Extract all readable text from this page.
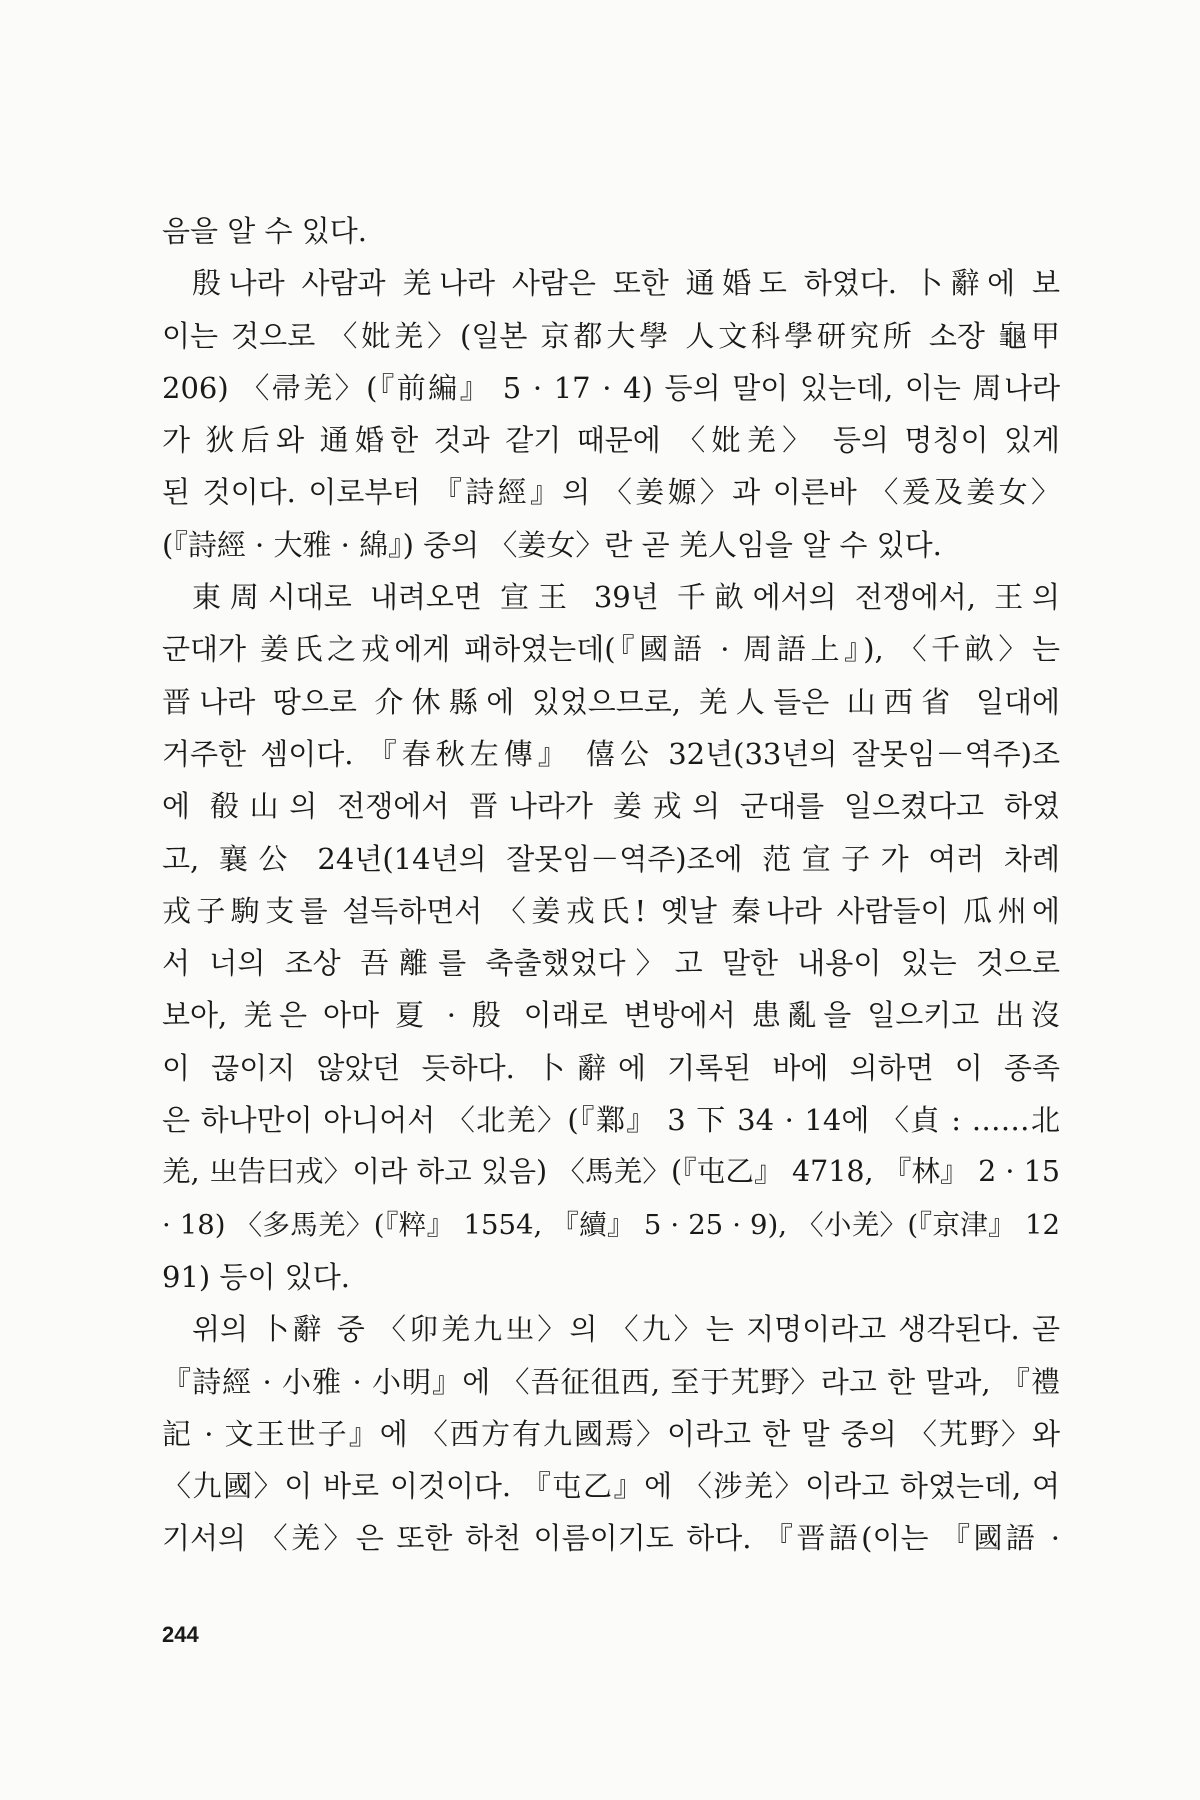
음을 알 수 있다.
殷나라 사람과 羌나라 사람은 또한 通婚도 하였다. 卜辭에 보
이는 것으로 〈妣羌〉(일본 京都大學 人文科學研究所 소장 龜甲
206) 〈帚羌〉(『前編』 5 · 17 · 4) 등의 말이 있는데, 이는 周나라
가 狄后와 通婚한 것과 같기 때문에 〈妣羌〉 등의 명칭이 있게
된 것이다. 이로부터 『詩經』의 〈姜嫄〉과 이른바 〈爰及姜女〉
(『詩經 · 大雅 · 綿』) 중의 〈姜女〉란 곧 羌人임을 알 수 있다.
東周시대로 내려오면 宣王 39년 千畝에서의 전쟁에서, 王의
군대가 姜氏之戎에게 패하였는데(『國語 · 周語上』), 〈千畝〉는
晋나라 땅으로 介休縣에 있었으므로, 羌人들은 山西省 일대에
거주한 셈이다. 『春秋左傳』 僖公 32년(33년의 잘못임－역주)조
에 殽山의 전쟁에서 晋나라가 姜戎의 군대를 일으켰다고 하였
고, 襄公 24년(14년의 잘못임－역주)조에 范宣子가 여러 차례
戎子駒支를 설득하면서 〈姜戎氏! 옛날 秦나라 사람들이 瓜州에
서 너의 조상 吾離를 축출했었다〉고 말한 내용이 있는 것으로
보아, 羌은 아마 夏 · 殷 이래로 변방에서 患亂을 일으키고 出沒
이 끊이지 않았던 듯하다. 卜辭에 기록된 바에 의하면 이 종족
은 하나만이 아니어서 〈北羌〉(『鄴』 3 下 34 · 14에 〈貞 : ……北
羌, 㞢告曰戎〉이라 하고 있음) 〈馬羌〉(『屯乙』 4718, 『林』 2 · 15
· 18) 〈多馬羌〉(『粹』 1554, 『續』 5 · 25 · 9), 〈小羌〉(『京津』 12
91) 등이 있다.
위의 卜辭 중 〈卯羌九㞢〉의 〈九〉는 지명이라고 생각된다. 곧
『詩經 · 小雅 · 小明』에 〈吾征徂西, 至于艽野〉라고 한 말과, 『禮
記 · 文王世子』에 〈西方有九國焉〉이라고 한 말 중의 〈艽野〉와
〈九國〉이 바로 이것이다. 『屯乙』에 〈涉羌〉이라고 하였는데, 여
기서의 〈羌〉은 또한 하천 이름이기도 하다. 『晋語(이는 『國語 ·
244
